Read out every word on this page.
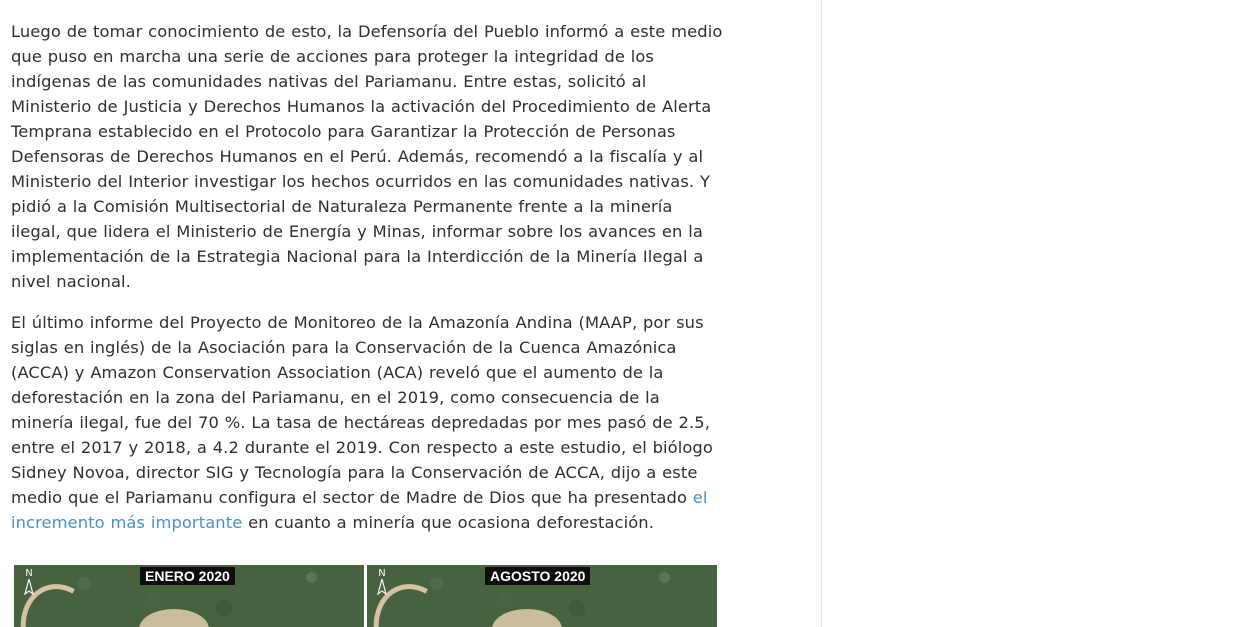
Luego de tomar conocimiento de esto, la Defensoría del Pueblo informó a este medio que puso en marcha una serie de acciones para proteger la integridad de los indígenas de las comunidades nativas del Pariamanu. Entre estas, solicitó al Ministerio de Justicia y Derechos Humanos la activación del Procedimiento de Alerta Temprana establecido en el Protocolo para Garantizar la Protección de Personas Defensoras de Derechos Humanos en el Perú. Además, recomendó a la fiscalía y al Ministerio del Interior investigar los hechos ocurridos en las comunidades nativas. Y pidió a la Comisión Multisectorial de Naturaleza Permanente frente a la minería ilegal, que lidera el Ministerio de Energía y Minas, informar sobre los avances en la implementación de la Estrategia Nacional para la Interdicción de la Minería Ilegal a nivel nacional.

El último informe del Proyecto de Monitoreo de la Amazonía Andina (MAAP, por sus siglas en inglés) de la Asociación para la Conservación de la Cuenca Amazónica (ACCA) y Amazon Conservation Association (ACA) reveló que el aumento de la deforestación en la zona del Pariamanu, en el 2019, como consecuencia de la minería ilegal, fue del 70 %. La tasa de hectáreas depredadas por mes pasó de 2.5, entre el 2017 y 2018, a 4.2 durante el 2019. Con respecto a este estudio, el biólogo Sidney Novoa, director SIG y Tecnología para la Conservación de ACCA, dijo a este medio que el Pariamanu configura el sector de Madre de Dios que ha presentado el incremento más importante en cuanto a minería que ocasiona deforestación.

N	ENERO 2020	N	AGOSTO 2020
